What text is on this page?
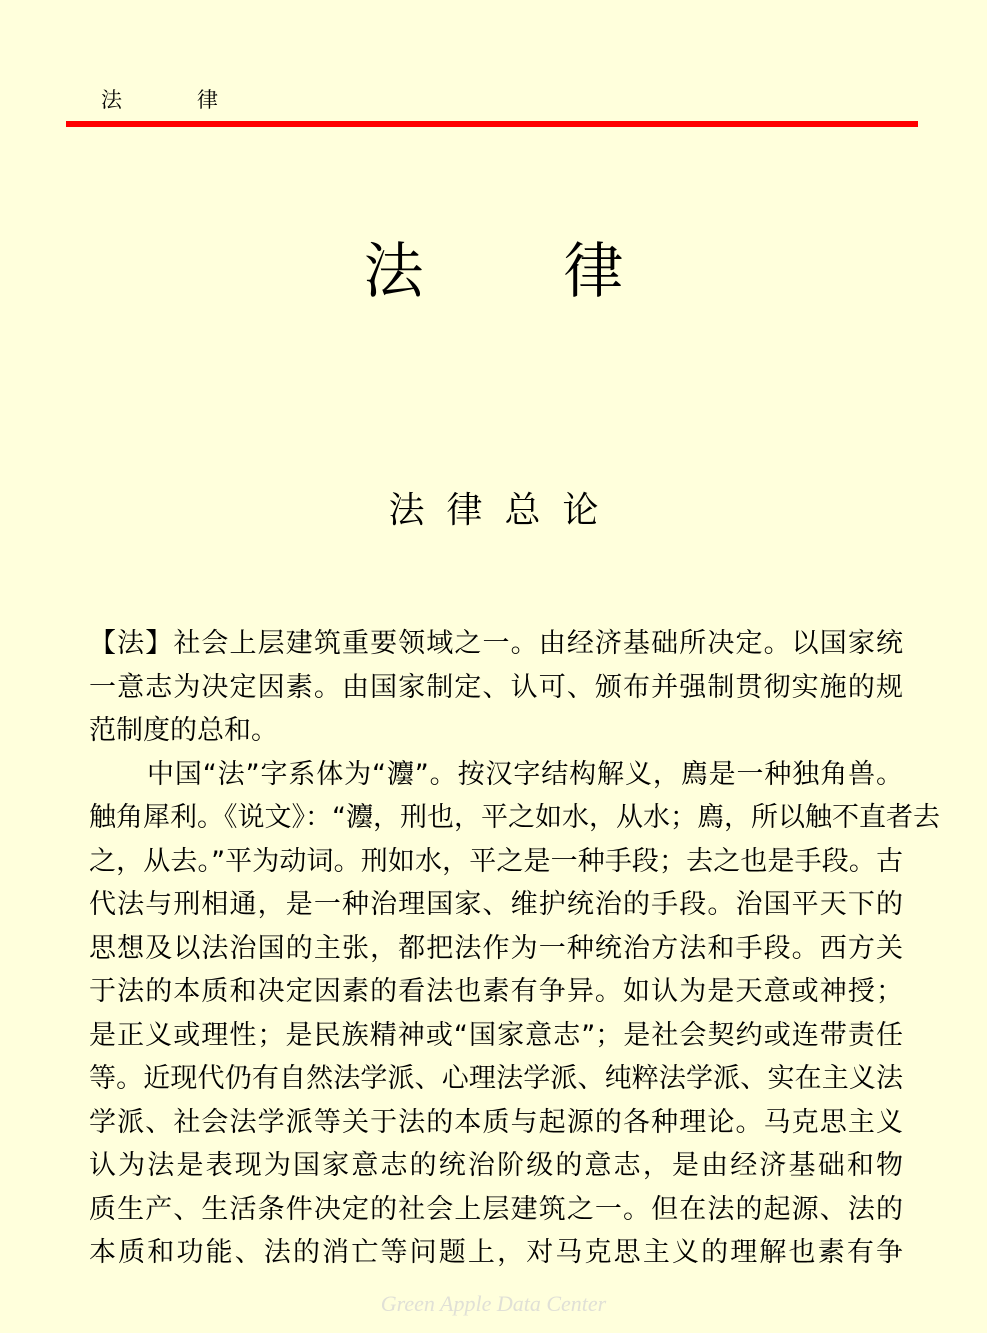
法	律
法 律
法 律 总 论
【法】社会上层建筑重要领域之一。由经济基础所决定。以国家统
一意志为决定因素。由国家制定、认可、颁布并强制贯彻实施的规
范制度的总和。
中国“法”字系体为“灋”。按汉字结构解义，廌是一种独角兽。
触角犀利。《说文》：“灋，刑也，平之如水，从水；廌，所以触不直者去
之，从去。”平为动词。刑如水，平之是一种手段；去之也是手段。古
代法与刑相通，是一种治理国家、维护统治的手段。治国平天下的
思想及以法治国的主张，都把法作为一种统治方法和手段。西方关
于法的本质和决定因素的看法也素有争异。如认为是天意或神授；
是正义或理性；是民族精神或“国家意志”；是社会契约或连带责任
等。近现代仍有自然法学派、心理法学派、纯粹法学派、实在主义法
学派、社会法学派等关于法的本质与起源的各种理论。马克思主义
认为法是表现为国家意志的统治阶级的意志，是由经济基础和物
质生产、生活条件决定的社会上层建筑之一。但在法的起源、法的
本质和功能、法的消亡等问题上，对马克思主义的理解也素有争
Green Apple Data Center
